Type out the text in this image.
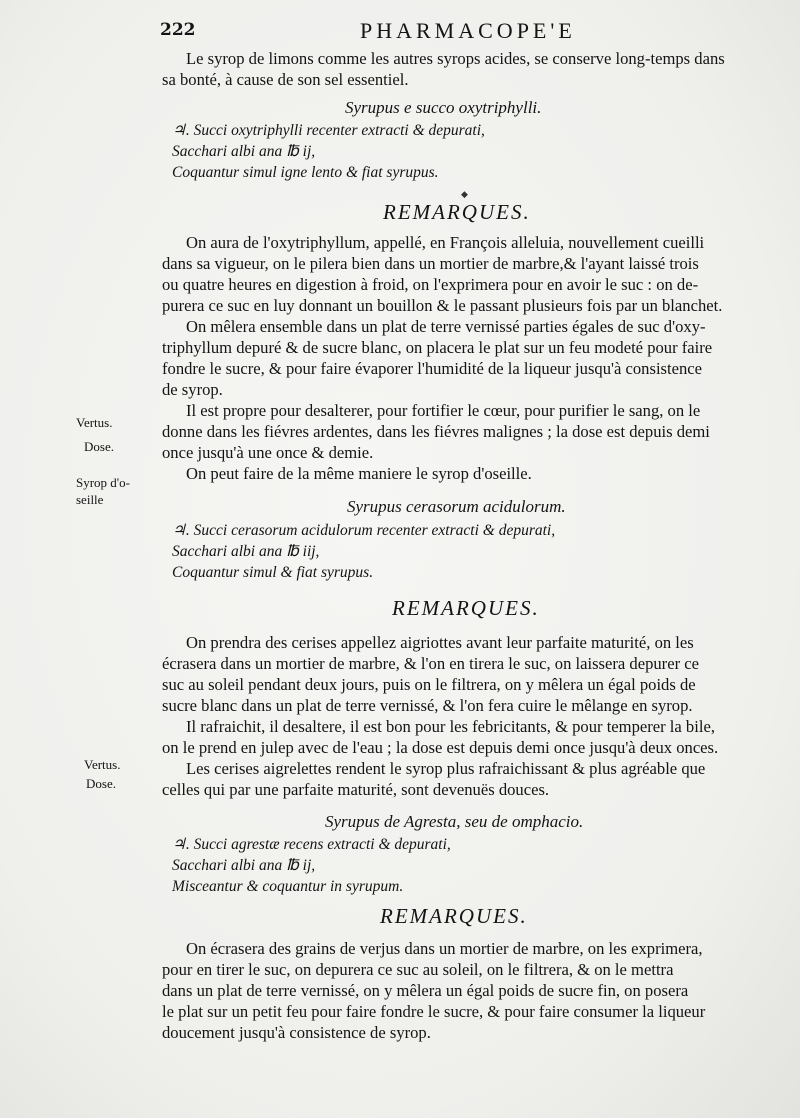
222	PHARMACOPE'E

Le syrop de limons comme les autres syrops acides, se conserve long-temps dans
sa bonté, à cause de son sel essentiel.

Syrupus e succo oxytriphylli.
♃. Succi oxytriphylli recenter extracti & depurati,
Sacchari albi ana ℔ ij,
Coquantur simul igne lento & fiat syrupus.
◆
REMARQUES.

On aura de l'oxytriphyllum, appellé, en François alleluia, nouvellement cueilli
dans sa vigueur, on le pilera bien dans un mortier de marbre,& l'ayant laissé trois
ou quatre heures en digestion à froid, on l'exprimera pour en avoir le suc : on de-
purera ce suc en luy donnant un bouillon & le passant plusieurs fois par un blanchet.

On mêlera ensemble dans un plat de terre vernissé parties égales de suc d'oxy-
triphyllum depuré & de sucre blanc, on placera le plat sur un feu modeté pour faire
fondre le sucre, & pour faire évaporer l'humidité de la liqueur jusqu'à consistence
de syrop.

Il est propre pour desalterer, pour fortifier le cœur, pour purifier le sang, on le
donne dans les fiévres ardentes, dans les fiévres malignes ; la dose est depuis demi
once jusqu'à une once & demie.

On peut faire de la même maniere le syrop d'oseille.

Syrupus cerasorum acidulorum.
♃. Succi cerasorum acidulorum recenter extracti & depurati,
Sacchari albi ana ℔ iij,
Coquantur simul & fiat syrupus.
REMARQUES.

On prendra des cerises appellez aigriottes avant leur parfaite maturité, on les
écrasera dans un mortier de marbre, & l'on en tirera le suc, on laissera depurer ce
suc au soleil pendant deux jours, puis on le filtrera, on y mêlera un égal poids de
sucre blanc dans un plat de terre vernissé, & l'on fera cuire le mêlange en syrop.

Il rafraichit, il desaltere, il est bon pour les febricitants, & pour temperer la bile,
on le prend en julep avec de l'eau ; la dose est depuis demi once jusqu'à deux onces.

Les cerises aigrelettes rendent le syrop plus rafraichissant & plus agréable que
celles qui par une parfaite maturité, sont devenuës douces.

Syrupus de Agresta, seu de omphacio.
♃. Succi agrestæ recens extracti & depurati,
Sacchari albi ana ℔ ij,
Misceantur & coquantur in syrupum.
REMARQUES.

On écrasera des grains de verjus dans un mortier de marbre, on les exprimera,
pour en tirer le suc, on depurera ce suc au soleil, on le filtrera, & on le mettra
dans un plat de terre vernissé, on y mêlera un égal poids de sucre fin, on posera
le plat sur un petit feu pour faire fondre le sucre, & pour faire consumer la liqueur
doucement jusqu'à consistence de syrop.

Vertus.
Dose.
Syrop d'o-
seille
Vertus.
Dose.
